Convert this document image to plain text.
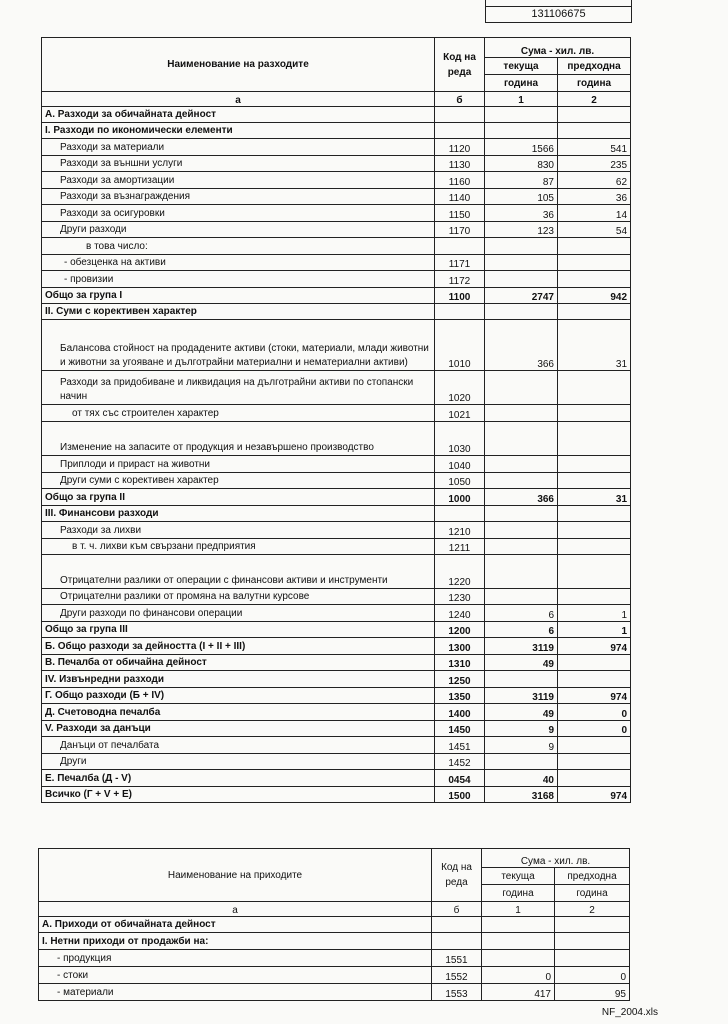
131106675
Наименование на разходите	Код на
реда	Сума - хил. лв.	
		текуща	предходна
		година	година
а	б	1	2
А. Разходи за обичайната дейност			
I. Разходи по икономически елементи			
Разходи за материали	1120	1566	541
Разходи за външни услуги	1130	830	235
Разходи за амортизации	1160	87	62
Разходи за възнаграждения	1140	105	36
Разходи за осигуровки	1150	36	14
Други разходи	1170	123	54
в това число:			
- обезценка на активи	1171		
- провизии	1172		
Общо за група I	1100	2747	942
II. Суми с корективен характер			
Балансова стойност на продадените активи (стоки, материали, млади животни и животни за угояване и дълготрайни материални и нематериални активи)	1010	366	31
Разходи за придобиване и ликвидация на дълготрайни активи по стопански начин	1020		
от тях със строителен характер	1021		
Изменение на запасите от продукция и незавършено производство	1030		
Приплоди и прираст на животни	1040		
Други суми с корективен характер	1050		
Общо за група II	1000	366	31
III. Финансови разходи			
Разходи за лихви	1210		
в т. ч. лихви към свързани предприятия	1211		
Отрицателни разлики от операции с финансови активи и инструменти	1220		
Отрицателни разлики от промяна на валутни курсове	1230		
Други разходи по финансови операции	1240	6	1
Общо за група III	1200	6	1
Б. Общо разходи за дейността (I + II + III)	1300	3119	974
В. Печалба от обичайна дейност	1310	49	
IV. Извънредни разходи	1250		
Г. Общо разходи (Б + IV)	1350	3119	974
Д. Счетоводна печалба	1400	49	0
V. Разходи за данъци	1450	9	0
Данъци от печалбата	1451	9	
Други	1452		
Е. Печалба (Д - V)	0454	40	
Всичко (Г + V + Е)	1500	3168	974
Наименование на приходите	Код на
реда	Сума - хил. лв.	
		текуща	предходна
		година	година
а	б	1	2
А. Приходи от обичайната дейност			
I. Нетни приходи от продажби на:			
- продукция	1551		
- стоки	1552	0	0
- материали	1553	417	95
NF_2004.xls
